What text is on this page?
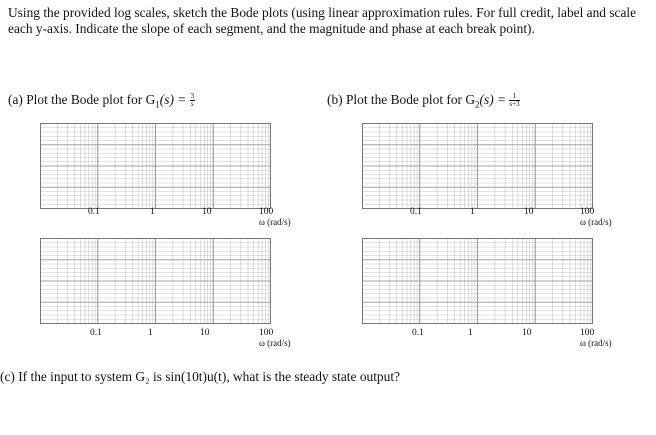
Using the provided log scales, sketch the Bode plots (using linear approximation rules. For full credit, label and scale each y-axis. Indicate the slope of each segment, and the magnitude and phase at each break point).
(a) Plot the Bode plot for $G_1(s) = \frac{3}{s}$	(b) Plot the Bode plot for $G_2(s) = \frac{1}{s+3}$
0.1	1	10	100
ω (rad/s)
0.1	1	10	100
ω (rad/s)
0.1	1	10	100
ω (rad/s)
0.1	1	10	100
ω (rad/s)
(c) If the input to system G₂ is sin(10t)u(t), what is the steady state output?
